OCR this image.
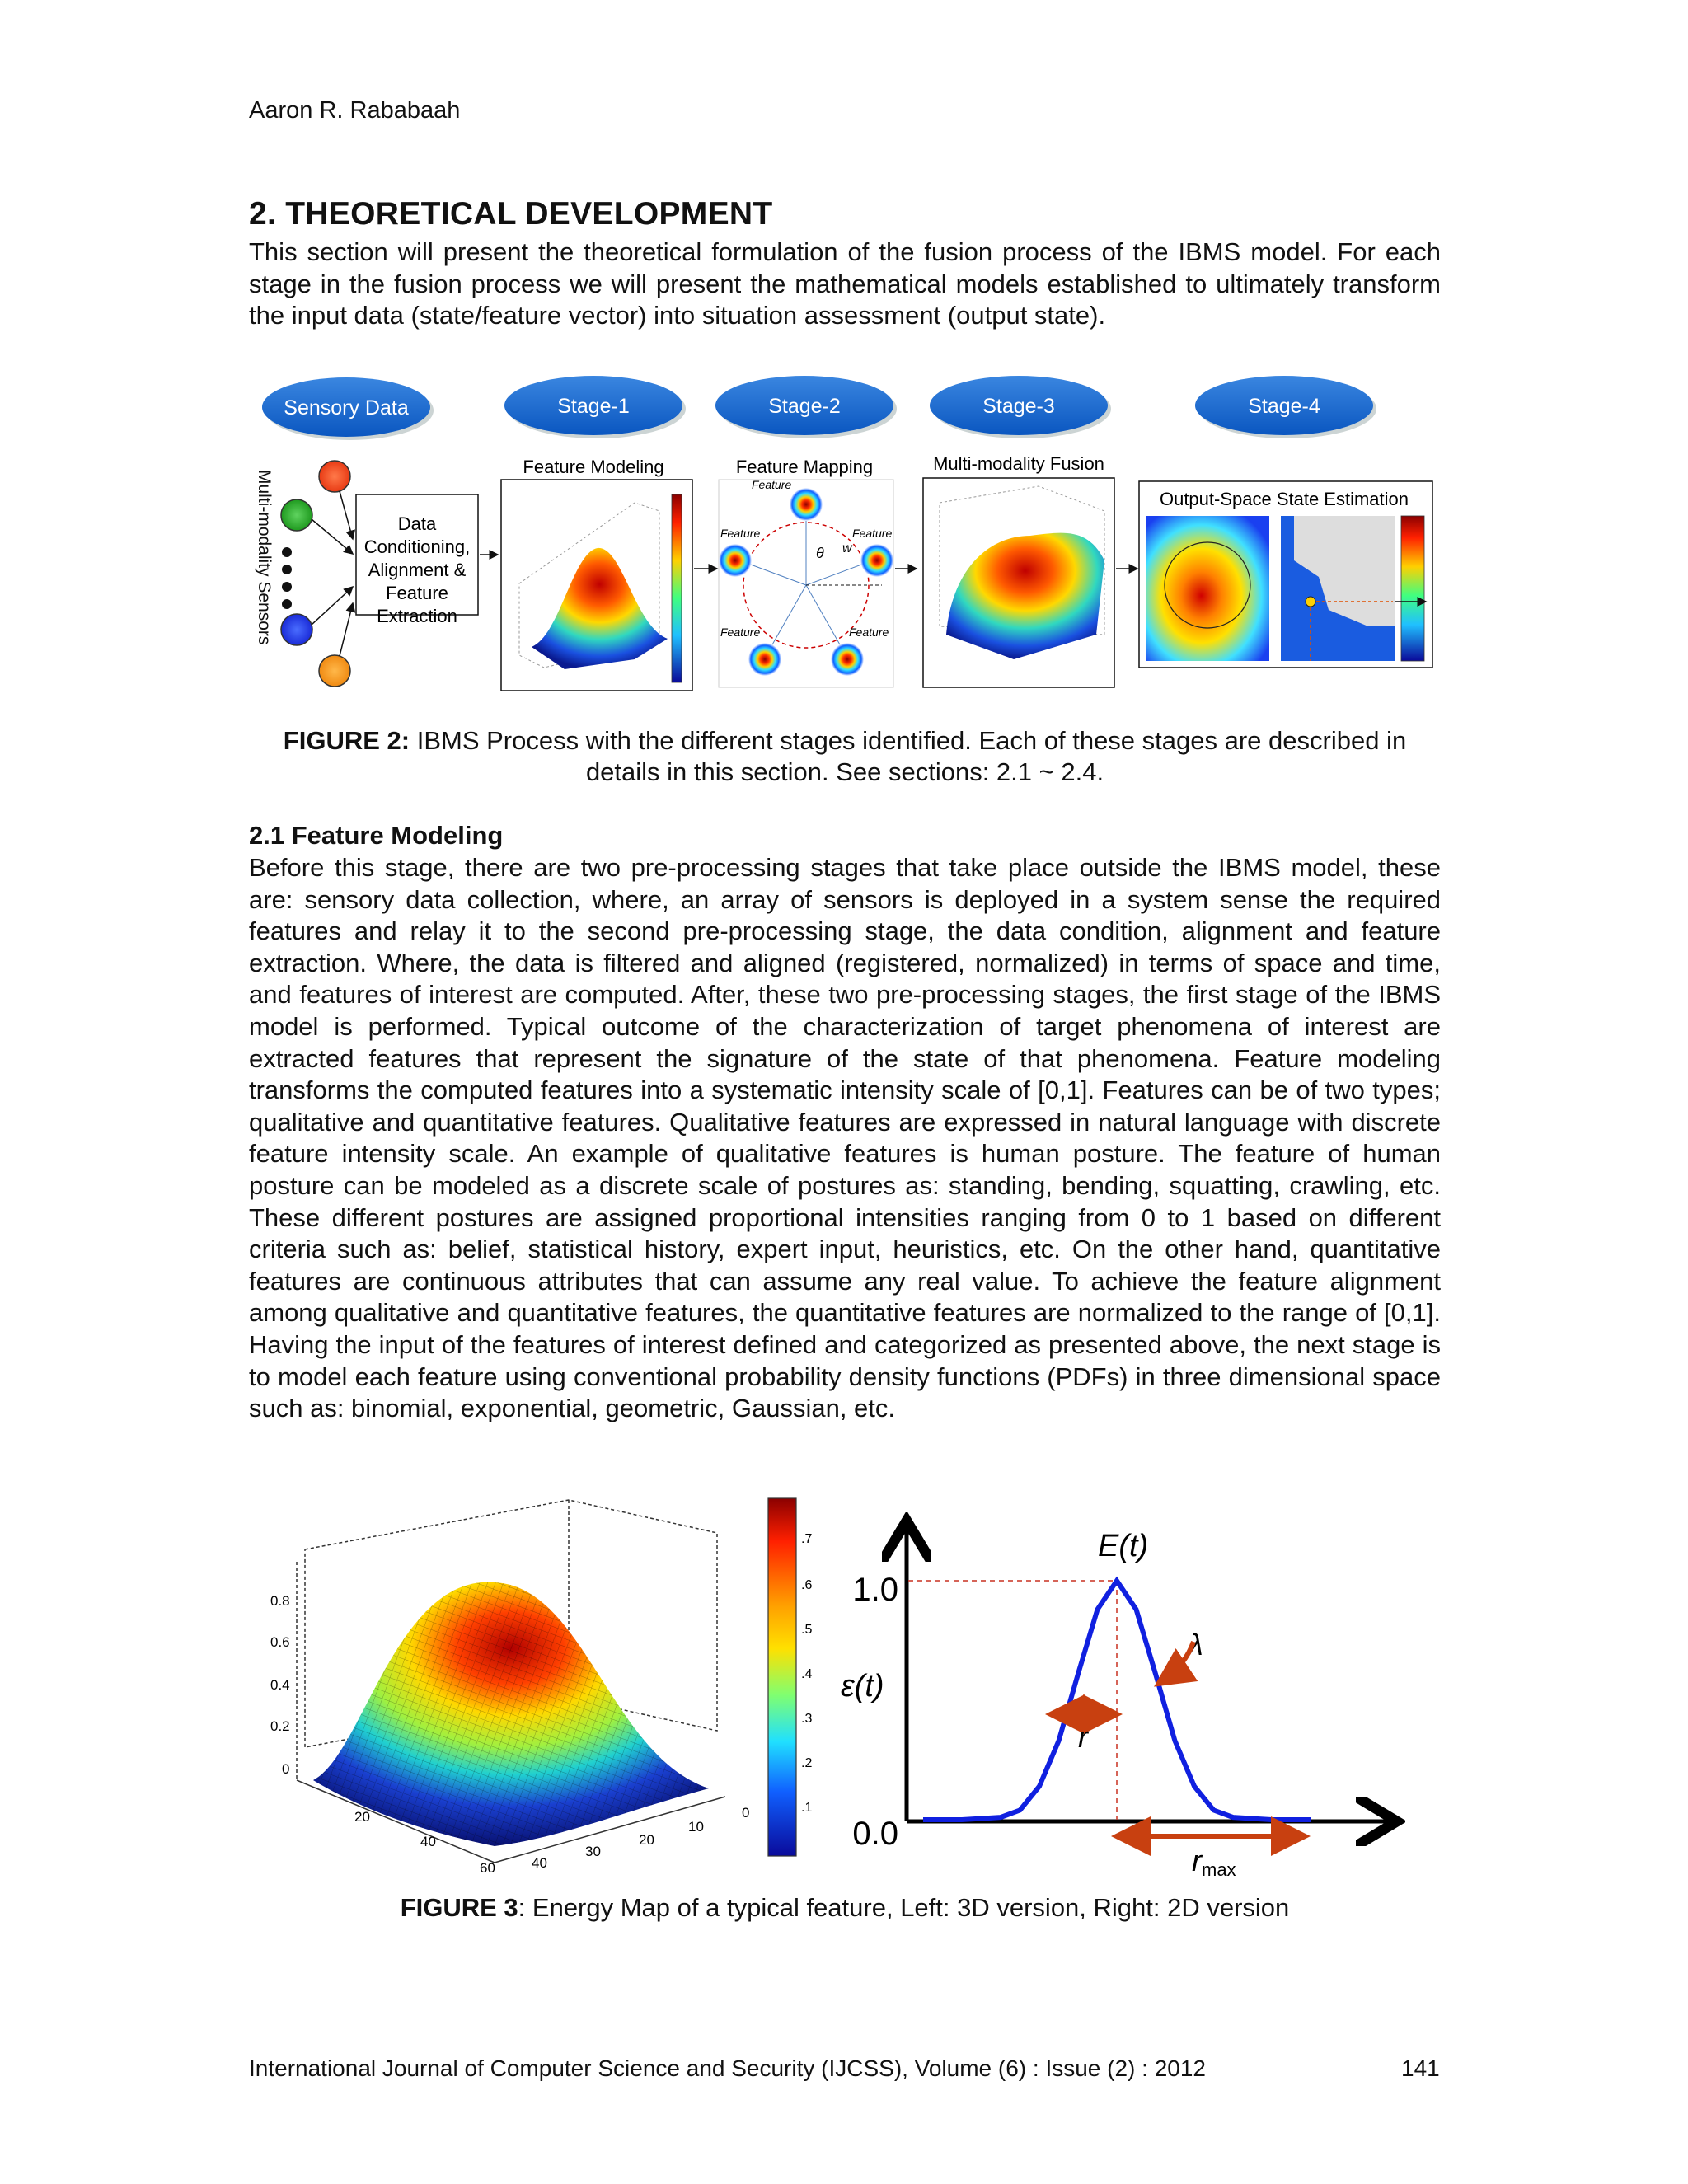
Aaron R. Rababaah
2. THEORETICAL DEVELOPMENT
This section will present the theoretical formulation of the fusion process of the IBMS model. For each stage in the fusion process we will present the mathematical models established to ultimately transform the input data (state/feature vector) into situation assessment (output state).
Sensory Data	Stage-1	Stage-2	Stage-3	Stage-4
Multi-modality Sensors	Data
Conditioning,
Alignment &
Feature
Extraction
Feature Modeling	Feature Mapping
Feature
Feature	Feature
Feature	Feature
θ w
Multi-modality Fusion
Output-Space State Estimation
FIGURE 2: IBMS Process with the different stages identified. Each of these stages are described in details in this section. See sections: 2.1 ~ 2.4.
2.1 Feature Modeling
Before this stage, there are two pre-processing stages that take place outside the IBMS model, these are: sensory data collection, where, an array of sensors is deployed in a system sense the required features and relay it to the second pre-processing stage, the data condition, alignment and feature extraction. Where, the data is filtered and aligned (registered, normalized) in terms of space and time, and features of interest are computed. After, these two pre-processing stages, the first stage of the IBMS model is performed. Typical outcome of the characterization of target phenomena of interest are extracted features that represent the signature of the state of that phenomena. Feature modeling transforms the computed features into a systematic intensity scale of [0,1]. Features can be of two types; qualitative and quantitative features. Qualitative features are expressed in natural language with discrete feature intensity scale. An example of qualitative features is human posture. The feature of human posture can be modeled as a discrete scale of postures as: standing, bending, squatting, crawling, etc. These different postures are assigned proportional intensities ranging from 0 to 1 based on different criteria such as: belief, statistical history, expert input, heuristics, etc. On the other hand, quantitative features are continuous attributes that can assume any real value. To achieve the feature alignment among qualitative and quantitative features, the quantitative features are normalized to the range of [0,1]. Having the input of the features of interest defined and categorized as presented above, the next stage is to model each feature using conventional probability density functions (PDFs) in three dimensional space such as: binomial, exponential, geometric, Gaussian, etc.
0.8
0.6
0.4
0.2
0
20
40
60
0
10
20
30
40
.7
.6
.5
.4
.3
.2
.1
1.0
0.0
E(t)
ε(t)
λ
r
rmax
FIGURE 3: Energy Map of a typical feature, Left: 3D version, Right: 2D version
International Journal of Computer Science and Security (IJCSS), Volume (6) : Issue (2) : 2012	141
